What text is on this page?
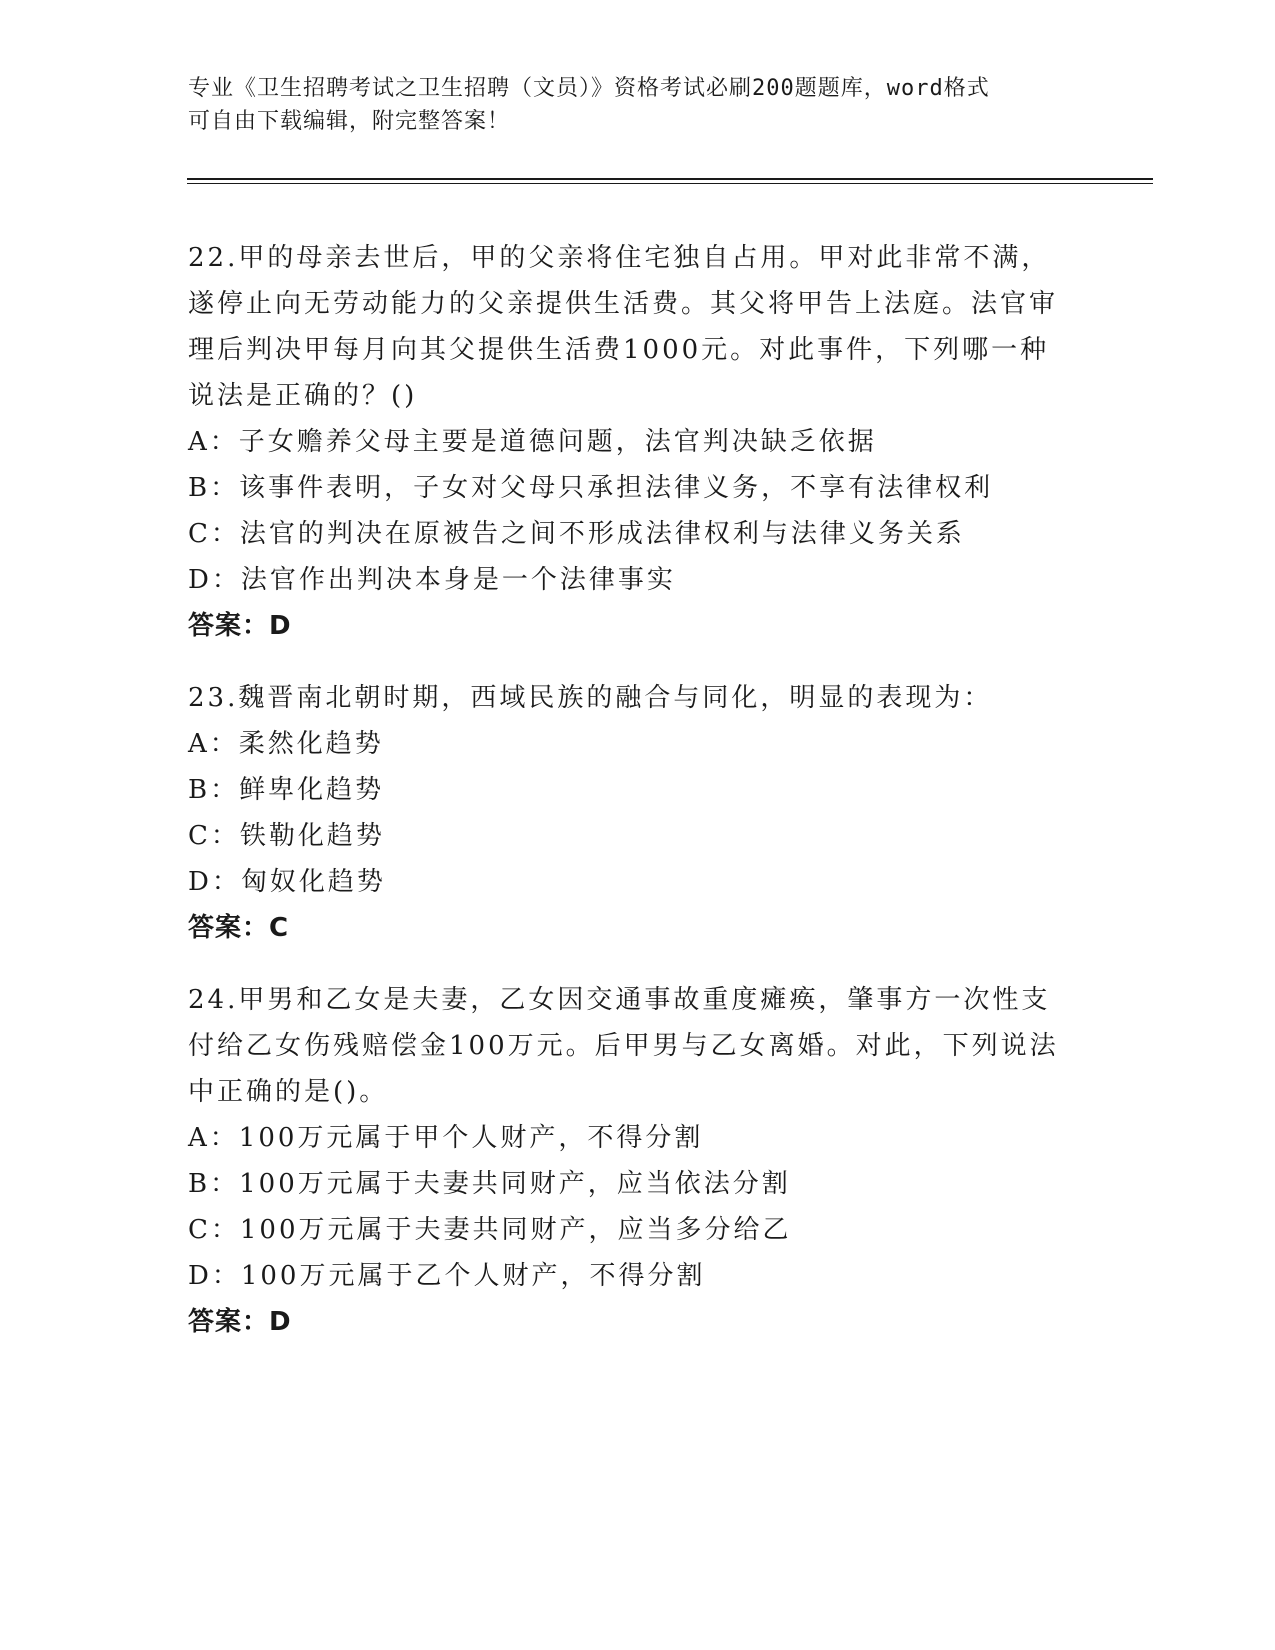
专业《卫生招聘考试之卫生招聘（文员）》资格考试必刷200题题库，word格式
可自由下载编辑，附完整答案！

22.甲的母亲去世后，甲的父亲将住宅独自占用。甲对此非常不满，遂停止向无劳动能力的父亲提供生活费。其父将甲告上法庭。法官审理后判决甲每月向其父提供生活费1000元。对此事件，下列哪一种说法是正确的？()

A：子女赡养父母主要是道德问题，法官判决缺乏依据

B：该事件表明，子女对父母只承担法律义务，不享有法律权利

C：法官的判决在原被告之间不形成法律权利与法律义务关系

D：法官作出判决本身是一个法律事实

答案：D

23.魏晋南北朝时期，西域民族的融合与同化，明显的表现为：

A：柔然化趋势

B：鲜卑化趋势

C：铁勒化趋势

D：匈奴化趋势

答案：C

24.甲男和乙女是夫妻，乙女因交通事故重度瘫痪，肇事方一次性支付给乙女伤残赔偿金100万元。后甲男与乙女离婚。对此，下列说法中正确的是()。

A：100万元属于甲个人财产，不得分割

B：100万元属于夫妻共同财产，应当依法分割

C：100万元属于夫妻共同财产，应当多分给乙

D：100万元属于乙个人财产，不得分割

答案：D
